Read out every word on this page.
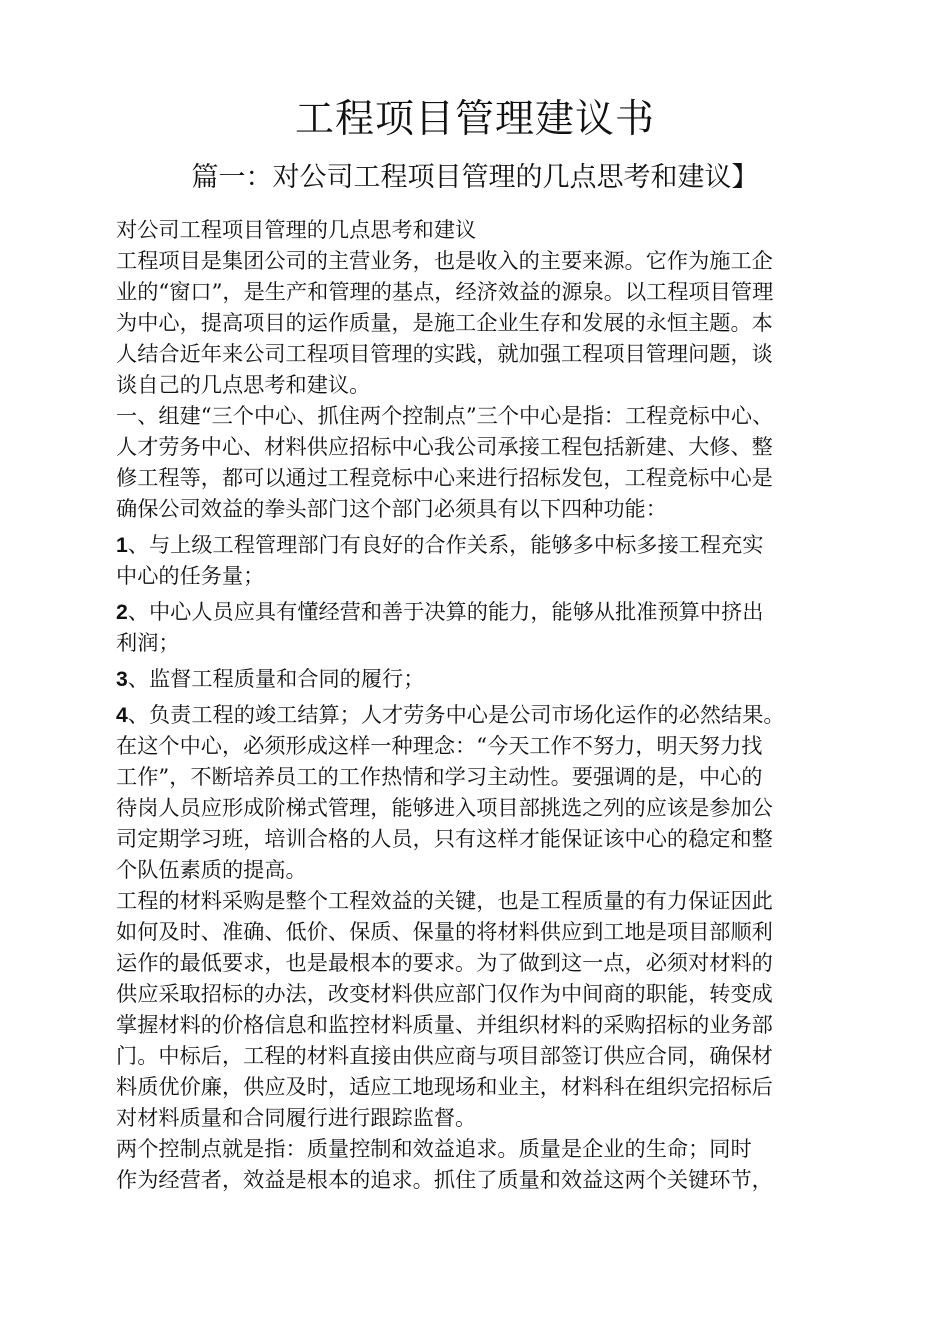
工程项目管理建议书
篇一：对公司工程项目管理的几点思考和建议】
对公司工程项目管理的几点思考和建议
工程项目是集团公司的主营业务，也是收入的主要来源。它作为施工企
业的“窗口”，是生产和管理的基点，经济效益的源泉。以工程项目管理
为中心，提高项目的运作质量，是施工企业生存和发展的永恒主题。本
人结合近年来公司工程项目管理的实践，就加强工程项目管理问题，谈
谈自己的几点思考和建议。
一、组建“三个中心、抓住两个控制点”三个中心是指：工程竞标中心、
人才劳务中心、材料供应招标中心我公司承接工程包括新建、大修、整
修工程等，都可以通过工程竞标中心来进行招标发包，工程竞标中心是
确保公司效益的拳头部门这个部门必须具有以下四种功能：
1、与上级工程管理部门有良好的合作关系，能够多中标多接工程充实
中心的任务量；
2、中心人员应具有懂经营和善于决算的能力，能够从批准预算中挤出
利润；
3、监督工程质量和合同的履行；
4、负责工程的竣工结算；人才劳务中心是公司市场化运作的必然结果。
在这个中心，必须形成这样一种理念：“今天工作不努力，明天努力找
工作”，不断培养员工的工作热情和学习主动性。要强调的是，中心的
待岗人员应形成阶梯式管理，能够进入项目部挑选之列的应该是参加公
司定期学习班，培训合格的人员，只有这样才能保证该中心的稳定和整
个队伍素质的提高。
工程的材料采购是整个工程效益的关键，也是工程质量的有力保证因此
如何及时、准确、低价、保质、保量的将材料供应到工地是项目部顺利
运作的最低要求，也是最根本的要求。为了做到这一点，必须对材料的
供应采取招标的办法，改变材料供应部门仅作为中间商的职能，转变成
掌握材料的价格信息和监控材料质量、并组织材料的采购招标的业务部
门。中标后，工程的材料直接由供应商与项目部签订供应合同，确保材
料质优价廉，供应及时，适应工地现场和业主，材料科在组织完招标后
对材料质量和合同履行进行跟踪监督。
两个控制点就是指：质量控制和效益追求。质量是企业的生命；同时
作为经营者，效益是根本的追求。抓住了质量和效益这两个关键环节，
